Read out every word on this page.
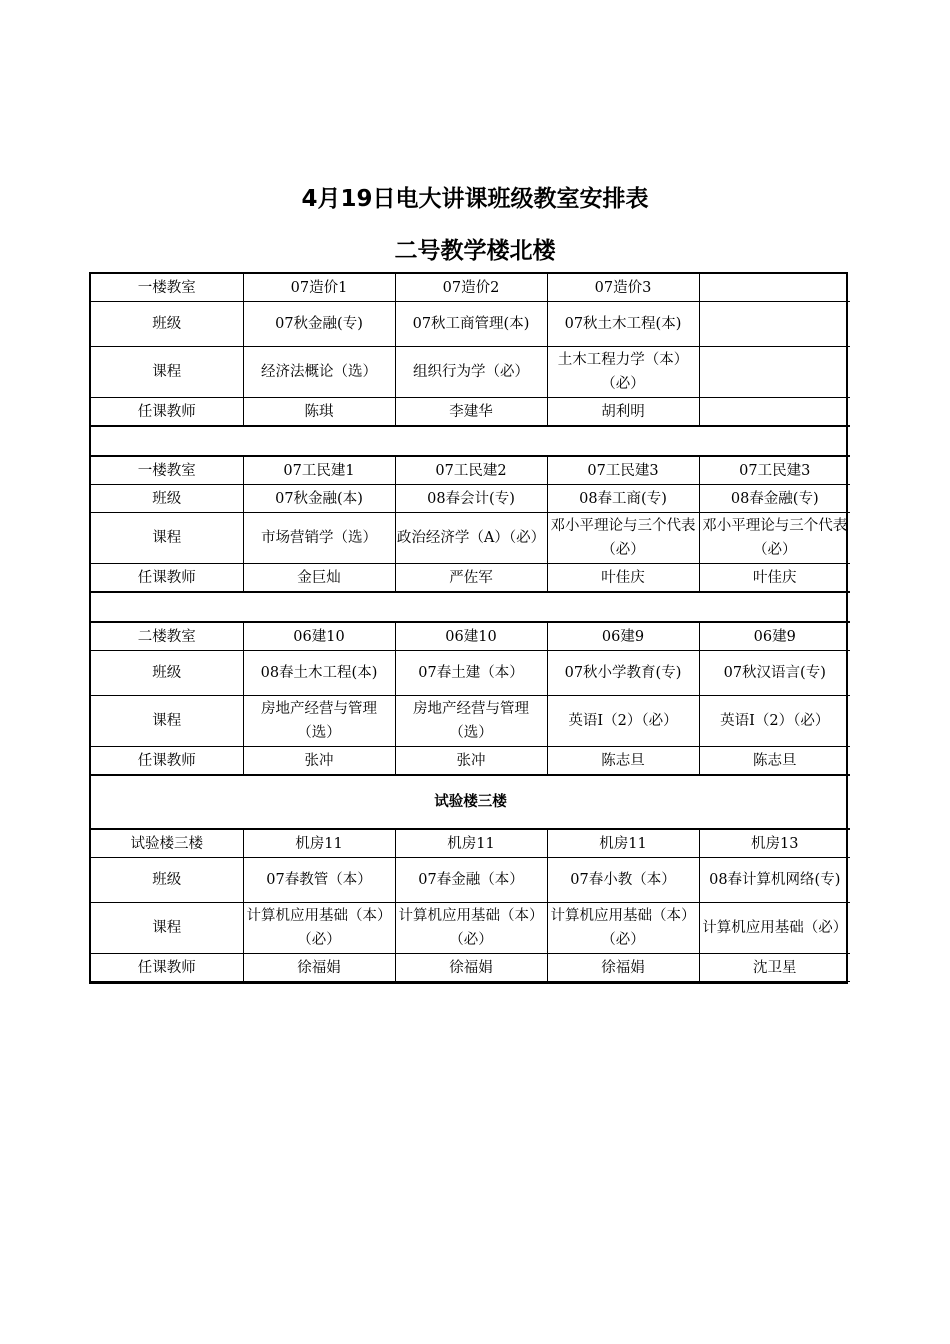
4月19日电大讲课班级教室安排表
二号教学楼北楼
一楼教室	07造价1	07造价2	07造价3	
班级	07秋金融(专)	07秋工商管理(本)	07秋土木工程(本)	
课程	经济法概论（选）	组织行为学（必）	土木工程力学（本）（必）	
任课教师	陈琪	李建华	胡利明	

一楼教室	07工民建1	07工民建2	07工民建3	07工民建3
班级	07秋金融(本)	08春会计(专)	08春工商(专)	08春金融(专)
课程	市场营销学（选）	政治经济学（A）（必）	邓小平理论与三个代表（必）	邓小平理论与三个代表（必）
任课教师	金巨灿	严佐军	叶佳庆	叶佳庆

二楼教室	06建10	06建10	06建9	06建9
班级	08春土木工程(本)	07春土建（本）	07秋小学教育(专)	07秋汉语言(专)
课程	房地产经营与管理（选）	房地产经营与管理（选）	英语I（2）（必）	英语I（2）（必）
任课教师	张冲	张冲	陈志旦	陈志旦
试验楼三楼				
试验楼三楼	机房11	机房11	机房11	机房13
班级	07春教管（本）	07春金融（本）	07春小教（本）	08春计算机网络(专)
课程	计算机应用基础（本）（必）	计算机应用基础（本）（必）	计算机应用基础（本）（必）	计算机应用基础（必）
任课教师	徐福娟	徐福娟	徐福娟	沈卫星
